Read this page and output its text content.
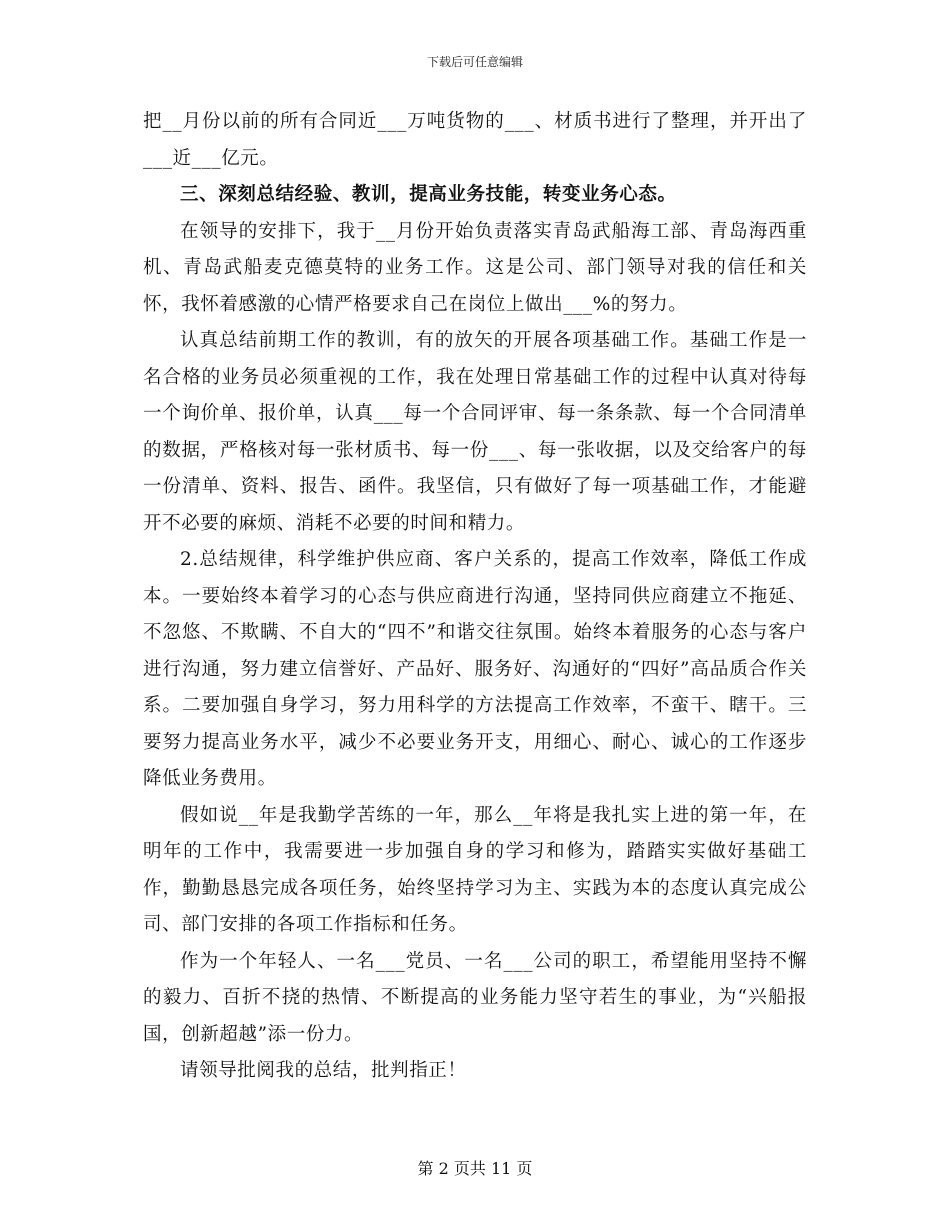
下载后可任意编辑

把__月份以前的所有合同近___万吨货物的___、材质书进行了整理，并开出了___近___亿元。

三、深刻总结经验、教训，提高业务技能，转变业务心态。

在领导的安排下，我于__月份开始负责落实青岛武船海工部、青岛海西重机、青岛武船麦克德莫特的业务工作。这是公司、部门领导对我的信任和关怀，我怀着感激的心情严格要求自己在岗位上做出___%的努力。

认真总结前期工作的教训，有的放矢的开展各项基础工作。基础工作是一名合格的业务员必须重视的工作，我在处理日常基础工作的过程中认真对待每一个询价单、报价单，认真___每一个合同评审、每一条条款、每一个合同清单的数据，严格核对每一张材质书、每一份___、每一张收据，以及交给客户的每一份清单、资料、报告、函件。我坚信，只有做好了每一项基础工作，才能避开不必要的麻烦、消耗不必要的时间和精力。

2.总结规律，科学维护供应商、客户关系的，提高工作效率，降低工作成本。一要始终本着学习的心态与供应商进行沟通，坚持同供应商建立不拖延、不忽悠、不欺瞒、不自大的“四不”和谐交往氛围。始终本着服务的心态与客户进行沟通，努力建立信誉好、产品好、服务好、沟通好的“四好”高品质合作关系。二要加强自身学习，努力用科学的方法提高工作效率，不蛮干、瞎干。三要努力提高业务水平，减少不必要业务开支，用细心、耐心、诚心的工作逐步降低业务费用。

假如说__年是我勤学苦练的一年，那么__年将是我扎实上进的第一年，在明年的工作中，我需要进一步加强自身的学习和修为，踏踏实实做好基础工作，勤勤恳恳完成各项任务，始终坚持学习为主、实践为本的态度认真完成公司、部门安排的各项工作指标和任务。

作为一个年轻人、一名___党员、一名___公司的职工，希望能用坚持不懈的毅力、百折不挠的热情、不断提高的业务能力坚守若生的事业，为“兴船报国，创新超越”添一份力。

请领导批阅我的总结，批判指正！

第 2 页共 11 页
